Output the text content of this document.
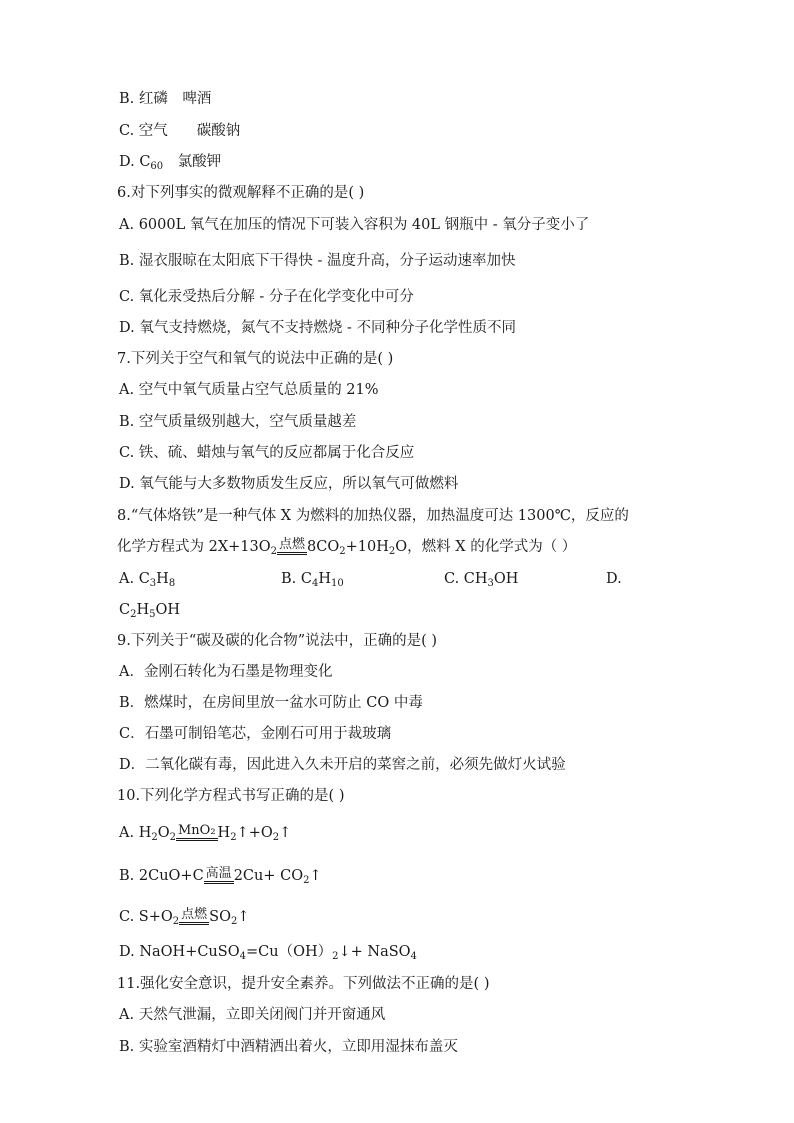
B. 红磷　啤酒
C. 空气　　碳酸钠
D. $C_{60}$　氯酸钾
6.对下列事实的微观解释不正确的是( )
A. 6000L 氧气在加压的情况下可装入容积为 40L 钢瓶中 - 氧分子变小了
B. 湿衣服晾在太阳底下干得快 - 温度升高，分子运动速率加快
C. 氧化汞受热后分解 - 分子在化学变化中可分
D. 氧气支持燃烧，氮气不支持燃烧 - 不同种分子化学性质不同
7.下列关于空气和氧气的说法中正确的是( )
A. 空气中氧气质量占空气总质量的 21%
B. 空气质量级别越大，空气质量越差
C. 铁、硫、蜡烛与氧气的反应都属于化合反应
D. 氧气能与大多数物质发生反应，所以氧气可做燃料
8.“气体烙铁”是一种气体 X 为燃料的加热仪器，加热温度可达 1300℃，反应的
化学方程式为 $2X+13O_2$ 点燃 $8CO_2+10H_2O$，燃料 X 的化学式为（ ）
A. $C_3H_8$	B. $C_4H_{10}$	C. $CH_3OH$	D.
$C_2H_5OH$
9.下列关于“碳及碳的化合物”说法中，正确的是( )
A．金刚石转化为石墨是物理变化
B．燃煤时，在房间里放一盆水可防止 CO 中毒
C．石墨可制铅笔芯，金刚石可用于裁玻璃
D．二氧化碳有毒，因此进入久未开启的菜窖之前，必须先做灯火试验
10.下列化学方程式书写正确的是( )
A. $H_2O_2$ MnO₂ $H_2↑+O_2↑$
B. 2CuO+C 高温 $2Cu+ CO_2↑$
C. $S+O_2$ 点燃 $SO_2↑$
D. $NaOH+CuSO_4=Cu(OH)_2↓+$ NaSO$_4$
11.强化安全意识，提升安全素养。下列做法不正确的是( )
A. 天然气泄漏，立即关闭阀门并开窗通风
B. 实验室酒精灯中酒精洒出着火，立即用湿抹布盖灭
